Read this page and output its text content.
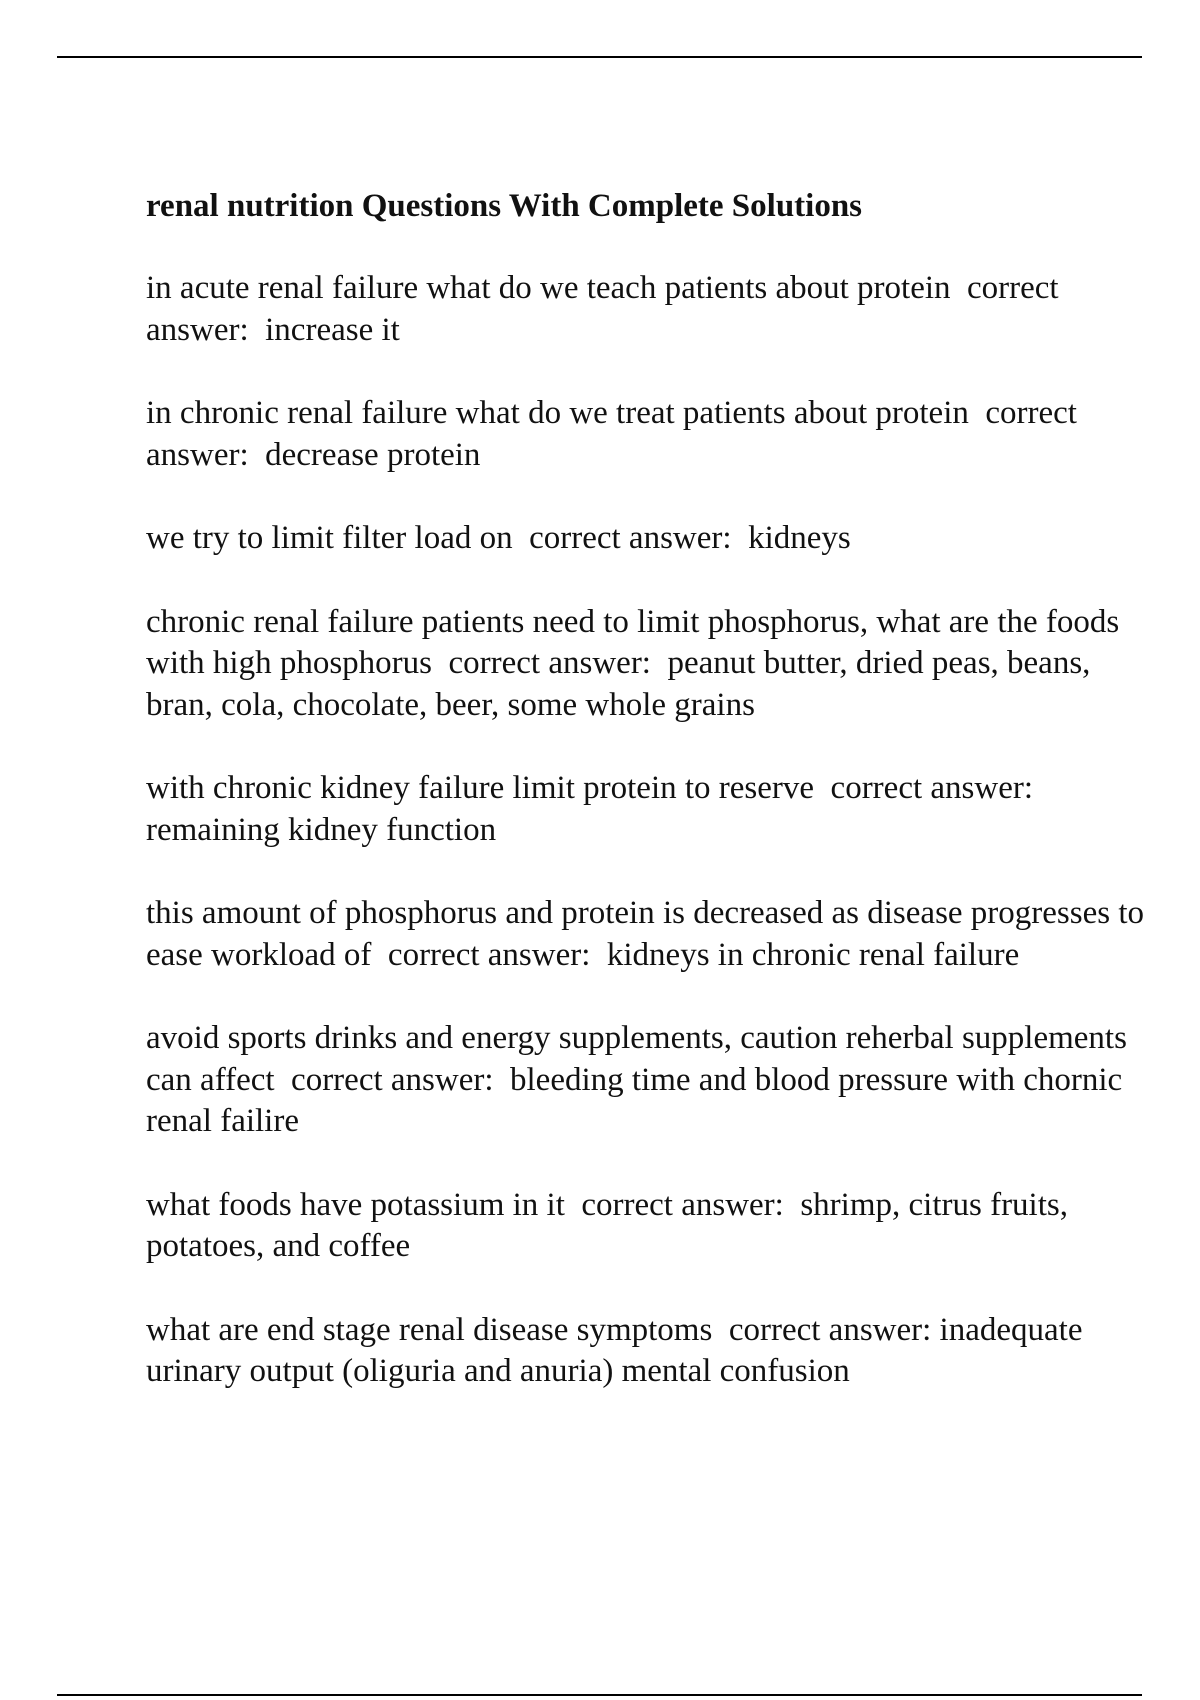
renal nutrition Questions With Complete Solutions
in acute renal failure what do we teach patients about protein correct answer: increase it
in chronic renal failure what do we treat patients about protein correct answer: decrease protein
we try to limit filter load on correct answer: kidneys
chronic renal failure patients need to limit phosphorus, what are the foods with high phosphorus correct answer: peanut butter, dried peas, beans, bran, cola, chocolate, beer, some whole grains
with chronic kidney failure limit protein to reserve correct answer:  remaining kidney function
this amount of phosphorus and protein is decreased as disease progresses to ease workload of correct answer: kidneys in chronic renal failure
avoid sports drinks and energy supplements, caution reherbal supplements can affect correct answer: bleeding time and blood pressure with chornic renal failire
what foods have potassium in it correct answer: shrimp, citrus fruits, potatoes, and coffee
what are end stage renal disease symptoms correct answer: inadequate urinary output (oliguria and anuria) mental confusion
